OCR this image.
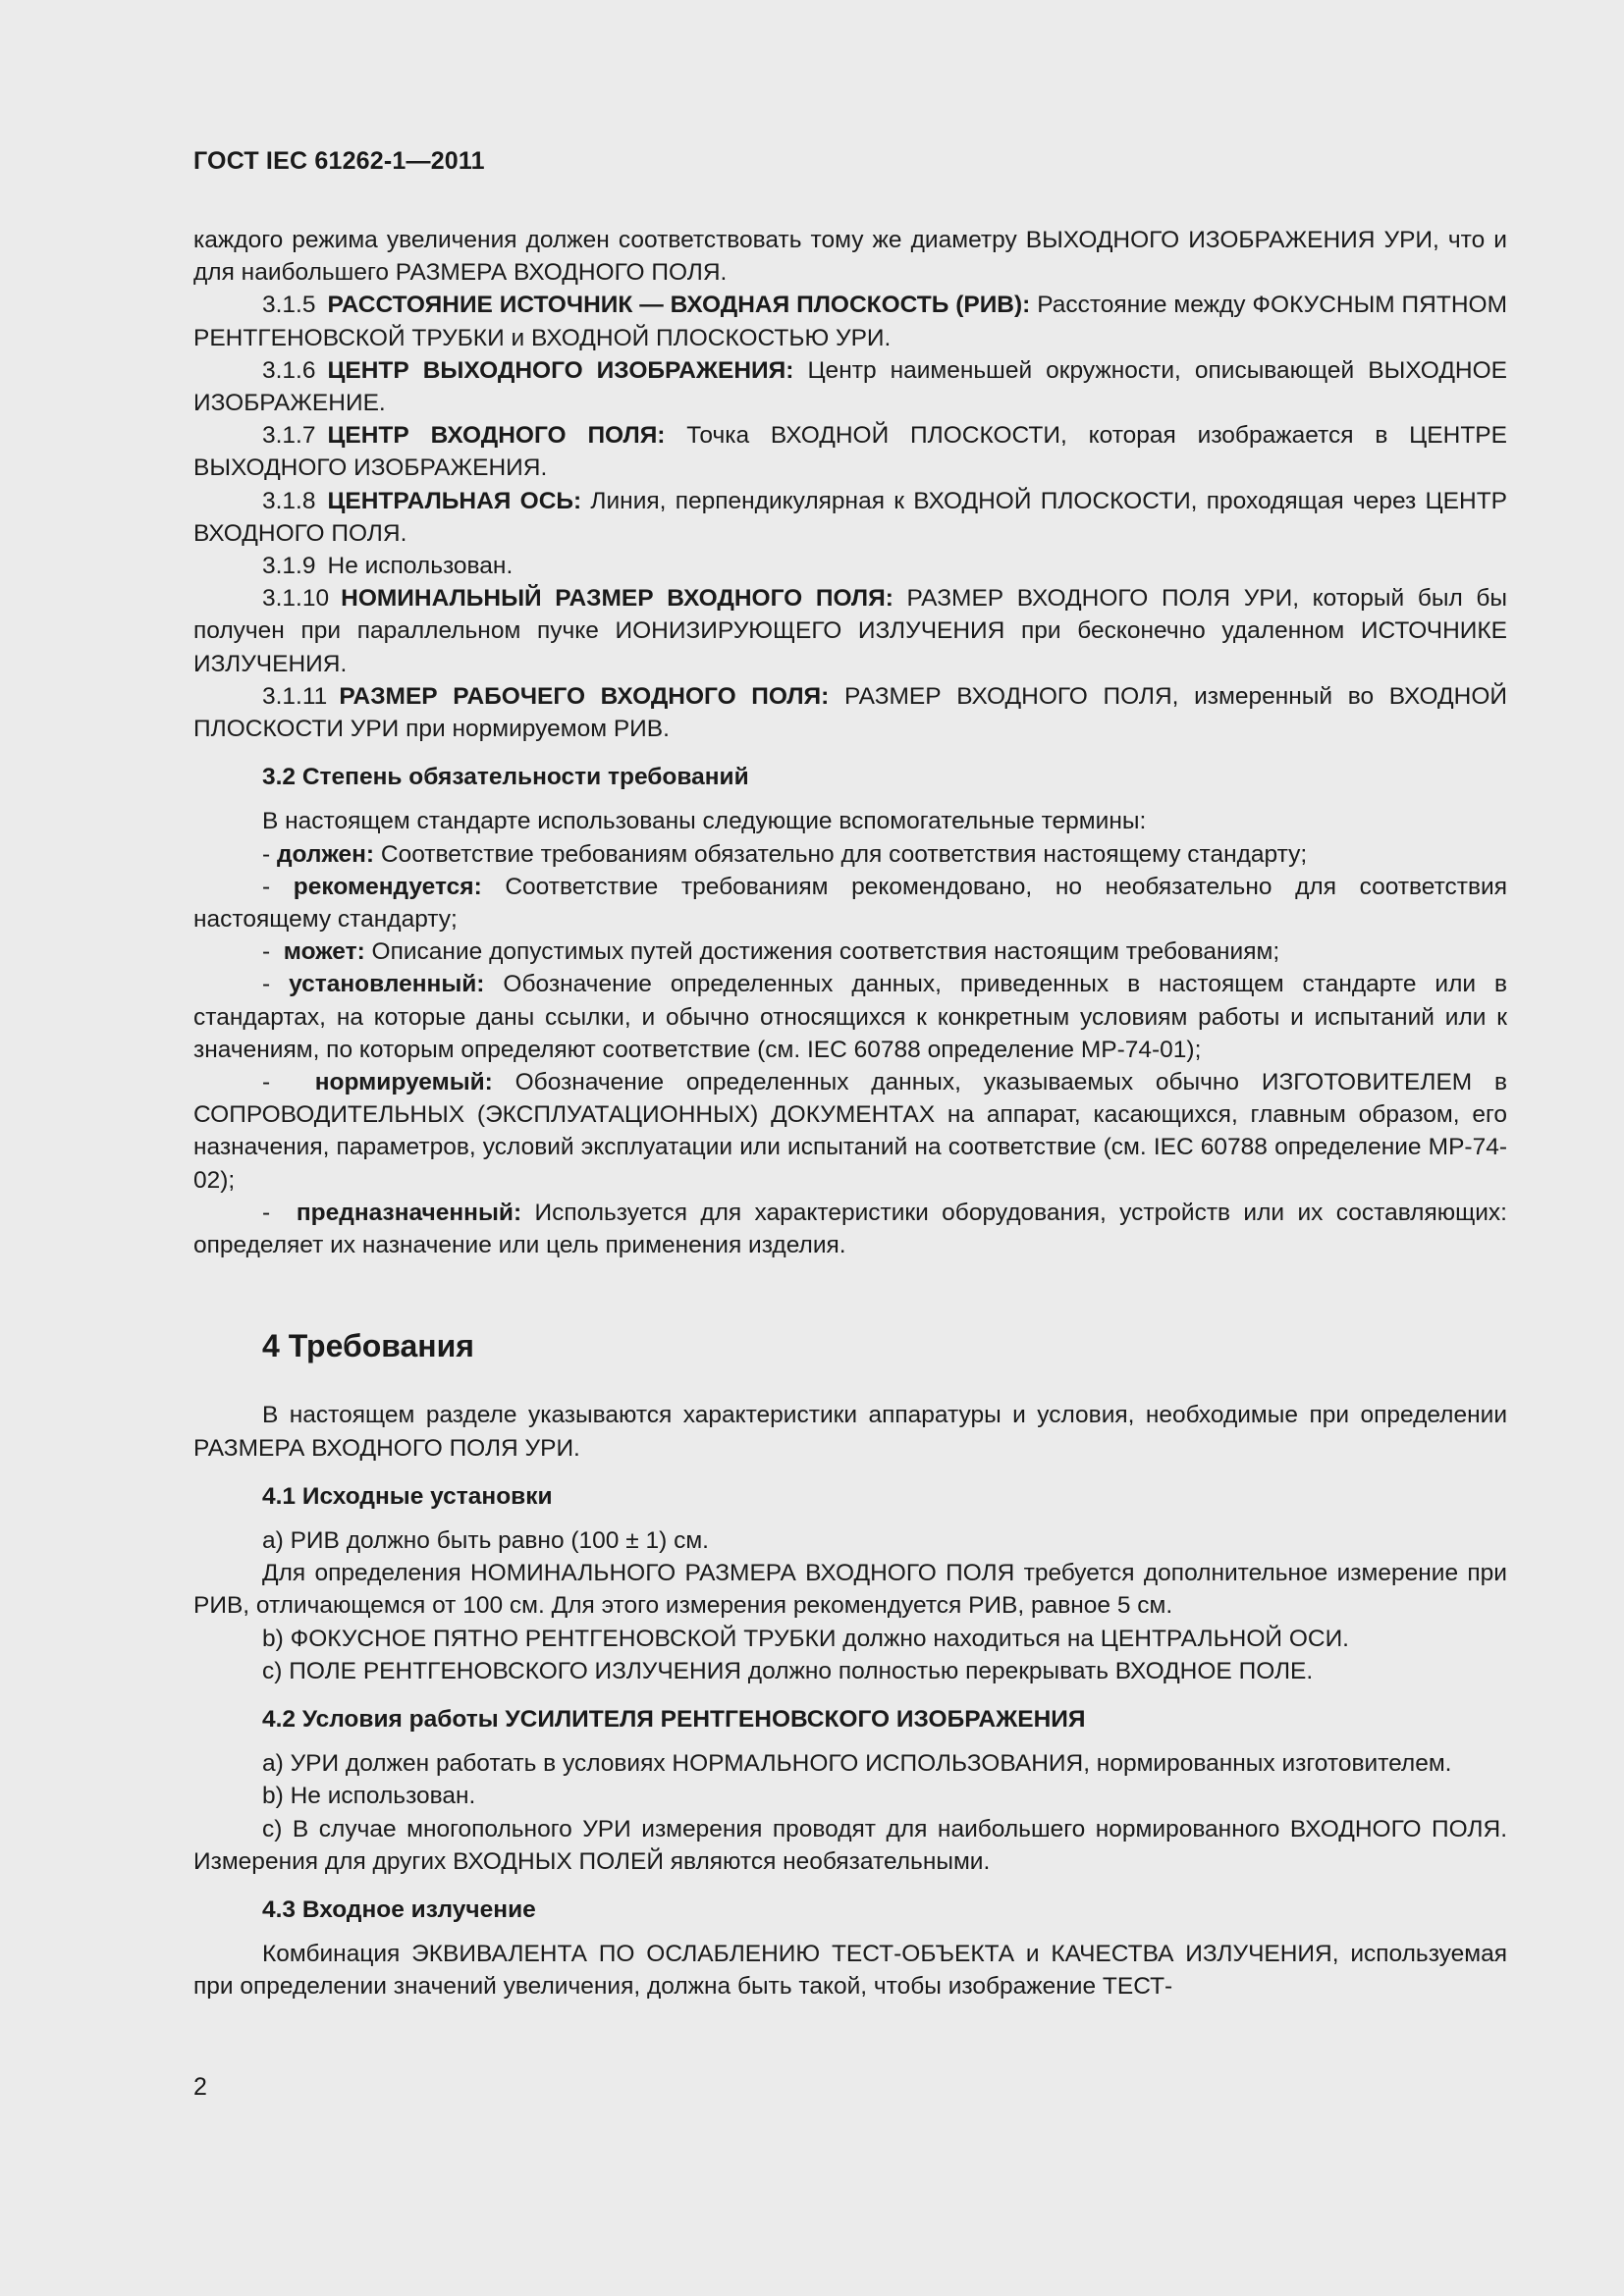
ГОСТ IEC 61262-1—2011

каждого режима увеличения должен соответствовать тому же диаметру ВЫХОДНОГО ИЗОБРАЖЕНИЯ УРИ, что и для наибольшего РАЗМЕРА ВХОДНОГО ПОЛЯ.

3.1.5 РАССТОЯНИЕ ИСТОЧНИК — ВХОДНАЯ ПЛОСКОСТЬ (РИВ): Расстояние между ФОКУСНЫМ ПЯТНОМ РЕНТГЕНОВСКОЙ ТРУБКИ и ВХОДНОЙ ПЛОСКОСТЬЮ УРИ.

3.1.6 ЦЕНТР ВЫХОДНОГО ИЗОБРАЖЕНИЯ: Центр наименьшей окружности, описывающей ВЫХОДНОЕ ИЗОБРАЖЕНИЕ.

3.1.7 ЦЕНТР ВХОДНОГО ПОЛЯ: Точка ВХОДНОЙ ПЛОСКОСТИ, которая изображается в ЦЕНТРЕ ВЫХОДНОГО ИЗОБРАЖЕНИЯ.

3.1.8 ЦЕНТРАЛЬНАЯ ОСЬ: Линия, перпендикулярная к ВХОДНОЙ ПЛОСКОСТИ, проходящая через ЦЕНТР ВХОДНОГО ПОЛЯ.

3.1.9 Не использован.

3.1.10 НОМИНАЛЬНЫЙ РАЗМЕР ВХОДНОГО ПОЛЯ: РАЗМЕР ВХОДНОГО ПОЛЯ УРИ, который был бы получен при параллельном пучке ИОНИЗИРУЮЩЕГО ИЗЛУЧЕНИЯ при бесконечно удаленном ИСТОЧНИКЕ ИЗЛУЧЕНИЯ.

3.1.11 РАЗМЕР РАБОЧЕГО ВХОДНОГО ПОЛЯ: РАЗМЕР ВХОДНОГО ПОЛЯ, измеренный во ВХОДНОЙ ПЛОСКОСТИ УРИ при нормируемом РИВ.

3.2 Степень обязательности требований

В настоящем стандарте использованы следующие вспомогательные термины:

- должен: Соответствие требованиям обязательно для соответствия настоящему стандарту;

- рекомендуется: Соответствие требованиям рекомендовано, но необязательно для соответствия настоящему стандарту;

-  может: Описание допустимых путей достижения соответствия настоящим требованиям;

- установленный: Обозначение определенных данных, приведенных в настоящем стандарте или в стандартах, на которые даны ссылки, и обычно относящихся к конкретным условиям работы и испытаний или к значениям, по которым определяют соответствие (см. IEC 60788 определение МР-74-01);

-  нормируемый: Обозначение определенных данных, указываемых обычно ИЗГОТОВИТЕЛЕМ в СОПРОВОДИТЕЛЬНЫХ (ЭКСПЛУАТАЦИОННЫХ) ДОКУМЕНТАХ на аппарат, касающихся, главным образом, его назначения, параметров, условий эксплуатации или испытаний на соответствие (см. IEC 60788 определение МР-74-02);

-  предназначенный: Используется для характеристики оборудования, устройств или их составляющих: определяет их назначение или цель применения изделия.

4 Требования

В настоящем разделе указываются характеристики аппаратуры и условия, необходимые при определении РАЗМЕРА ВХОДНОГО ПОЛЯ УРИ.

4.1 Исходные установки

а) РИВ должно быть равно (100 ± 1) см.

Для определения НОМИНАЛЬНОГО РАЗМЕРА ВХОДНОГО ПОЛЯ требуется дополнительное измерение при РИВ, отличающемся от 100 см. Для этого измерения рекомендуется РИВ, равное 5 см.

b) ФОКУСНОЕ ПЯТНО РЕНТГЕНОВСКОЙ ТРУБКИ должно находиться на ЦЕНТРАЛЬНОЙ ОСИ.

с) ПОЛЕ РЕНТГЕНОВСКОГО ИЗЛУЧЕНИЯ должно полностью перекрывать ВХОДНОЕ ПОЛЕ.

4.2 Условия работы УСИЛИТЕЛЯ РЕНТГЕНОВСКОГО ИЗОБРАЖЕНИЯ

а) УРИ должен работать в условиях НОРМАЛЬНОГО ИСПОЛЬЗОВАНИЯ, нормированных изготовителем.

b) Не использован.

с) В случае многопольного УРИ измерения проводят для наибольшего нормированного ВХОДНОГО ПОЛЯ. Измерения для других ВХОДНЫХ ПОЛЕЙ являются необязательными.

4.3 Входное излучение

Комбинация ЭКВИВАЛЕНТА ПО ОСЛАБЛЕНИЮ ТЕСТ-ОБЪЕКТА и КАЧЕСТВА ИЗЛУЧЕНИЯ, используемая при определении значений увеличения, должна быть такой, чтобы изображение ТЕСТ-

2
